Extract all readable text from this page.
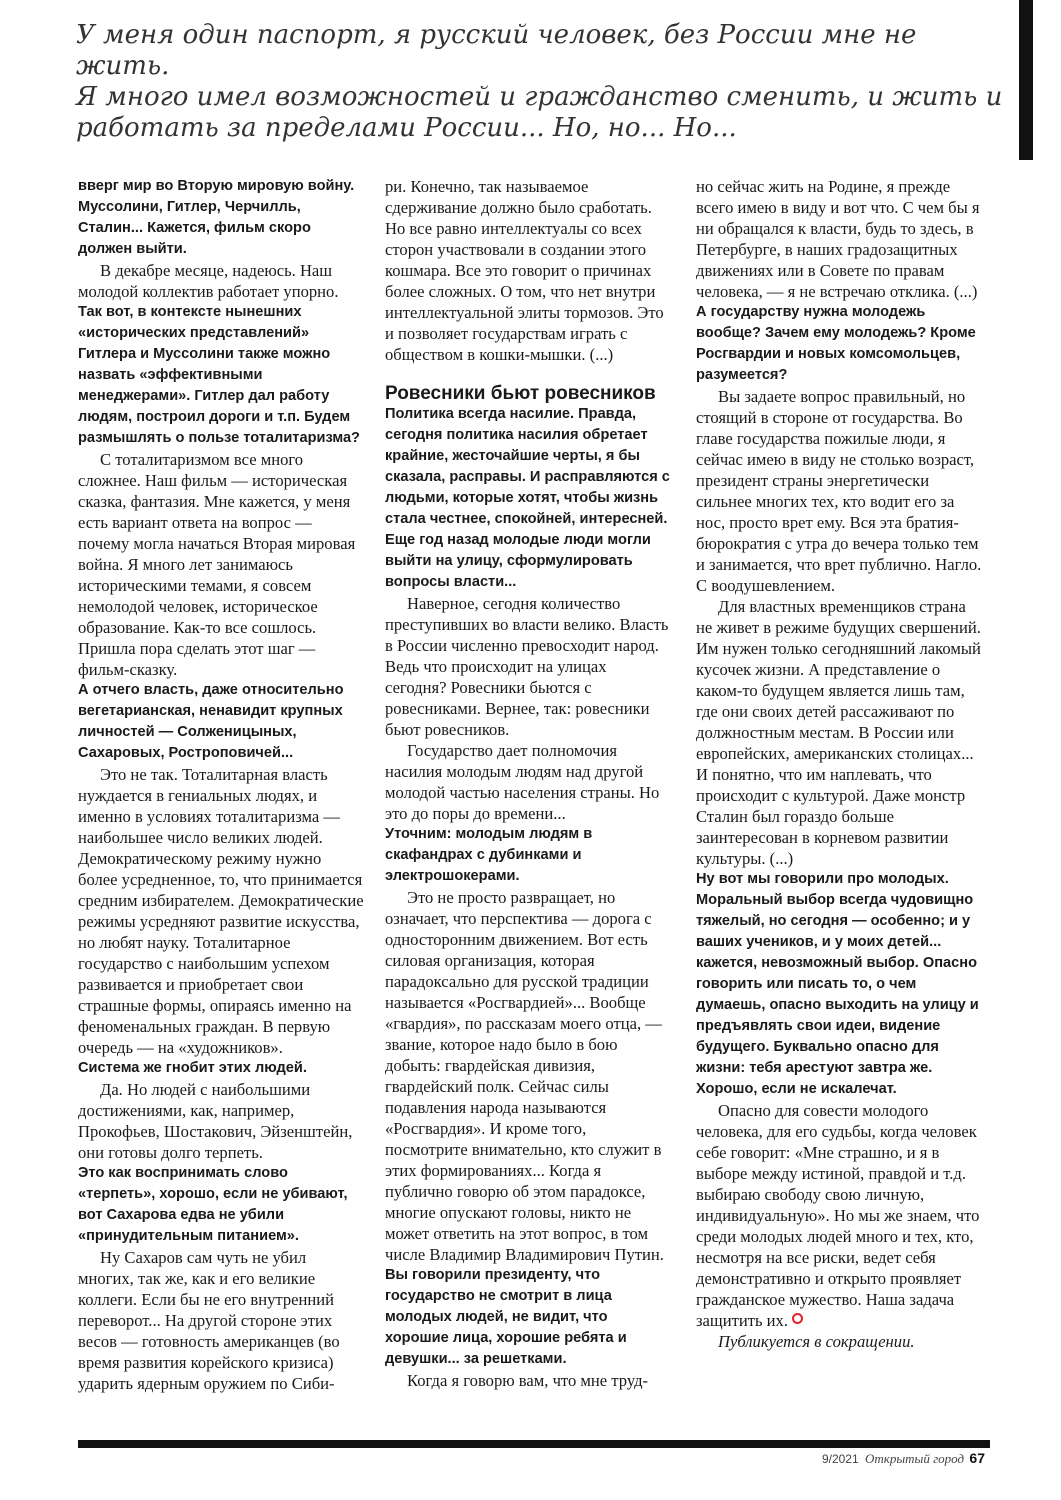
У меня один паспорт, я русский человек, без России мне не жить.

Я много имел возможностей и гражданство сменить, и жить и

работать за пределами России... Но, но... Но...

вверг мир во Вторую мировую войну. Муссолини, Гитлер, Черчилль, Сталин... Кажется, фильм скоро должен выйти.

В декабре месяце, надеюсь. Наш молодой коллектив работает упорно.

Так вот, в контексте нынешних «исторических представлений» Гитлера и Муссолини также можно назвать «эффективными менеджерами». Гитлер дал работу людям, построил дороги и т.п. Будем размышлять о пользе тоталитаризма?

С тоталитаризмом все много сложнее. Наш фильм — историческая сказка, фантазия. Мне кажется, у меня есть вариант ответа на вопрос — почему могла начаться Вторая мировая война. Я много лет занимаюсь историческими темами, я совсем немолодой человек, историческое образование. Как-то все сошлось. Пришла пора сделать этот шаг — фильм-сказку.

А отчего власть, даже относительно вегетарианская, ненавидит крупных личностей — Солженицыных, Сахаровых, Ростроповичей...

Это не так. Тоталитарная власть нуждается в гениальных людях, и именно в условиях тоталитаризма — наибольшее число великих людей. Демократическому режиму нужно более усредненное, то, что принимается средним избирателем. Демократические режимы усредняют развитие искусства, но любят науку. Тоталитарное государство с наибольшим успехом развивается и приобретает свои страшные формы, опираясь именно на феноменальных граждан. В первую очередь — на «художников».

Система же гнобит этих людей.

Да. Но людей с наибольшими достижениями, как, например, Прокофьев, Шостакович, Эйзенштейн, они готовы долго терпеть.

Это как воспринимать слово «терпеть», хорошо, если не убивают, вот Сахарова едва не убили «принудительным питанием».

Ну Сахаров сам чуть не убил многих, так же, как и его великие коллеги. Если бы не его внутренний переворот... На другой стороне этих весов — готовность американцев (во время развития корейского кризиса) ударить ядерным оружием по Сиби-

ри. Конечно, так называемое сдерживание должно было сработать. Но все равно интеллектуалы со всех сторон участвовали в создании этого кошмара. Все это говорит о причинах более сложных. О том, что нет внутри интеллектуальной элиты тормозов. Это и позволяет государствам играть с обществом в кошки-мышки. (...)

Ровесники бьют ровесников

Политика всегда насилие. Правда, сегодня политика насилия обретает крайние, жесточайшие черты, я бы сказала, расправы. И расправляются с людьми, которые хотят, чтобы жизнь стала честнее, спокойней, интересней. Еще год назад молодые люди могли выйти на улицу, сформулировать вопросы власти...

Наверное, сегодня количество преступивших во власти велико. Власть в России численно превосходит народ. Ведь что происходит на улицах сегодня? Ровесники бьются с ровесниками. Вернее, так: ровесники бьют ровесников.

Государство дает полномочия насилия молодым людям над другой молодой частью населения страны. Но это до поры до времени...

Уточним: молодым людям в скафандрах с дубинками и электрошокерами.

Это не просто развращает, но означает, что перспектива — дорога с односторонним движением. Вот есть силовая организация, которая парадоксально для русской традиции называется «Росгвардией»... Вообще «гвардия», по рассказам моего отца, — звание, которое надо было в бою добыть: гвардейская дивизия, гвардейский полк. Сейчас силы подавления народа называются «Росгвардия». И кроме того, посмотрите внимательно, кто служит в этих формированиях... Когда я публично говорю об этом парадоксе, многие опускают головы, никто не может ответить на этот вопрос, в том числе Владимир Владимирович Путин.

Вы говорили президенту, что государство не смотрит в лица молодых людей, не видит, что хорошие лица, хорошие ребята и девушки... за решетками.

Когда я говорю вам, что мне труд-

но сейчас жить на Родине, я прежде всего имею в виду и вот что. С чем бы я ни обращался к власти, будь то здесь, в Петербурге, в наших градозащитных движениях или в Совете по правам человека, — я не встречаю отклика. (...)

А государству нужна молодежь вообще? Зачем ему молодежь? Кроме Росгвардии и новых комсомольцев, разумеется?

Вы задаете вопрос правильный, но стоящий в стороне от государства. Во главе государства пожилые люди, я сейчас имею в виду не столько возраст, президент страны энергетически сильнее многих тех, кто водит его за нос, просто врет ему. Вся эта братия-бюрократия с утра до вечера только тем и занимается, что врет публично. Нагло. С воодушевлением.

Для властных временщиков страна не живет в режиме будущих свершений. Им нужен только сегодняшний лакомый кусочек жизни. А представление о каком-то будущем является лишь там, где они своих детей рассаживают по должностным местам. В России или европейских, американских столицах... И понятно, что им наплевать, что происходит с культурой. Даже монстр Сталин был гораздо больше заинтересован в корневом развитии культуры. (...)

Ну вот мы говорили про молодых. Моральный выбор всегда чудовищно тяжелый, но сегодня — особенно; и у ваших учеников, и у моих детей... кажется, невозможный выбор. Опасно говорить или писать то, о чем думаешь, опасно выходить на улицу и предъявлять свои идеи, видение будущего. Буквально опасно для жизни: тебя арестуют завтра же. Хорошо, если не искалечат.

Опасно для совести молодого человека, для его судьбы, когда человек себе говорит: «Мне страшно, и я в выборе между истиной, правдой и т.д. выбираю свободу свою личную, индивидуальную». Но мы же знаем, что среди молодых людей много и тех, кто, несмотря на все риски, ведет себя демонстративно и открыто проявляет гражданское мужество. Наша задача защитить их.

Публикуется в сокращении.

9/2021 Открытый город 67
